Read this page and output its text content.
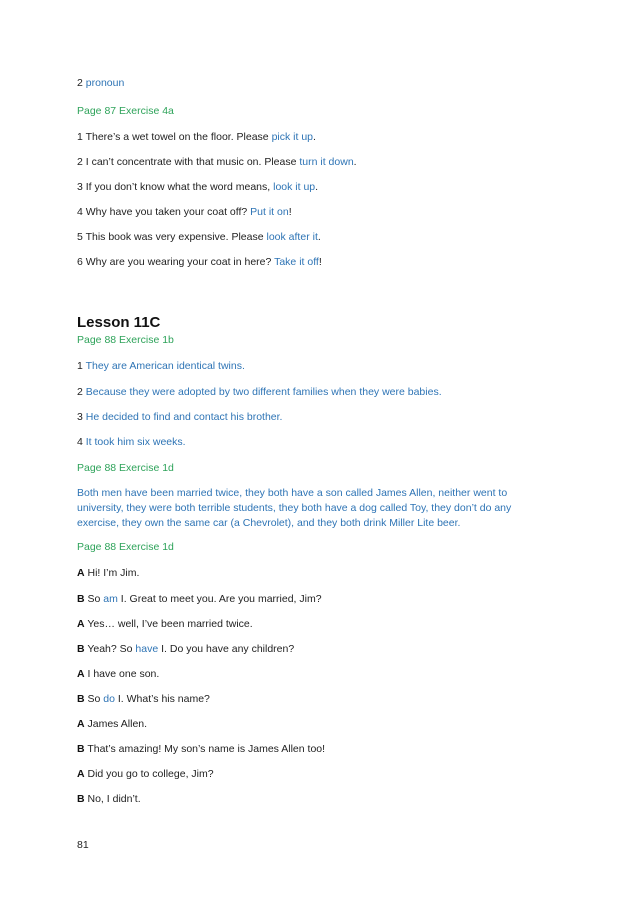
2 pronoun
Page 87 Exercise 4a
1 There’s a wet towel on the floor. Please pick it up.
2 I can’t concentrate with that music on. Please turn it down.
3 If you don’t know what the word means, look it up.
4 Why have you taken your coat off? Put it on!
5 This book was very expensive. Please look after it.
6 Why are you wearing your coat in here? Take it off!
Lesson 11C
Page 88 Exercise 1b
1 They are American identical twins.
2 Because they were adopted by two different families when they were babies.
3 He decided to find and contact his brother.
4 It took him six weeks.
Page 88 Exercise 1d
Both men have been married twice, they both have a son called James Allen, neither went to university, they were both terrible students, they both have a dog called Toy, they don’t do any exercise, they own the same car (a Chevrolet), and they both drink Miller Lite beer.
Page 88 Exercise 1d
A Hi! I’m Jim.
B So am I. Great to meet you. Are you married, Jim?
A Yes… well, I’ve been married twice.
B Yeah? So have I. Do you have any children?
A I have one son.
B So do I. What’s his name?
A James Allen.
B That’s amazing! My son’s name is James Allen too!
A Did you go to college, Jim?
B No, I didn’t.
81
